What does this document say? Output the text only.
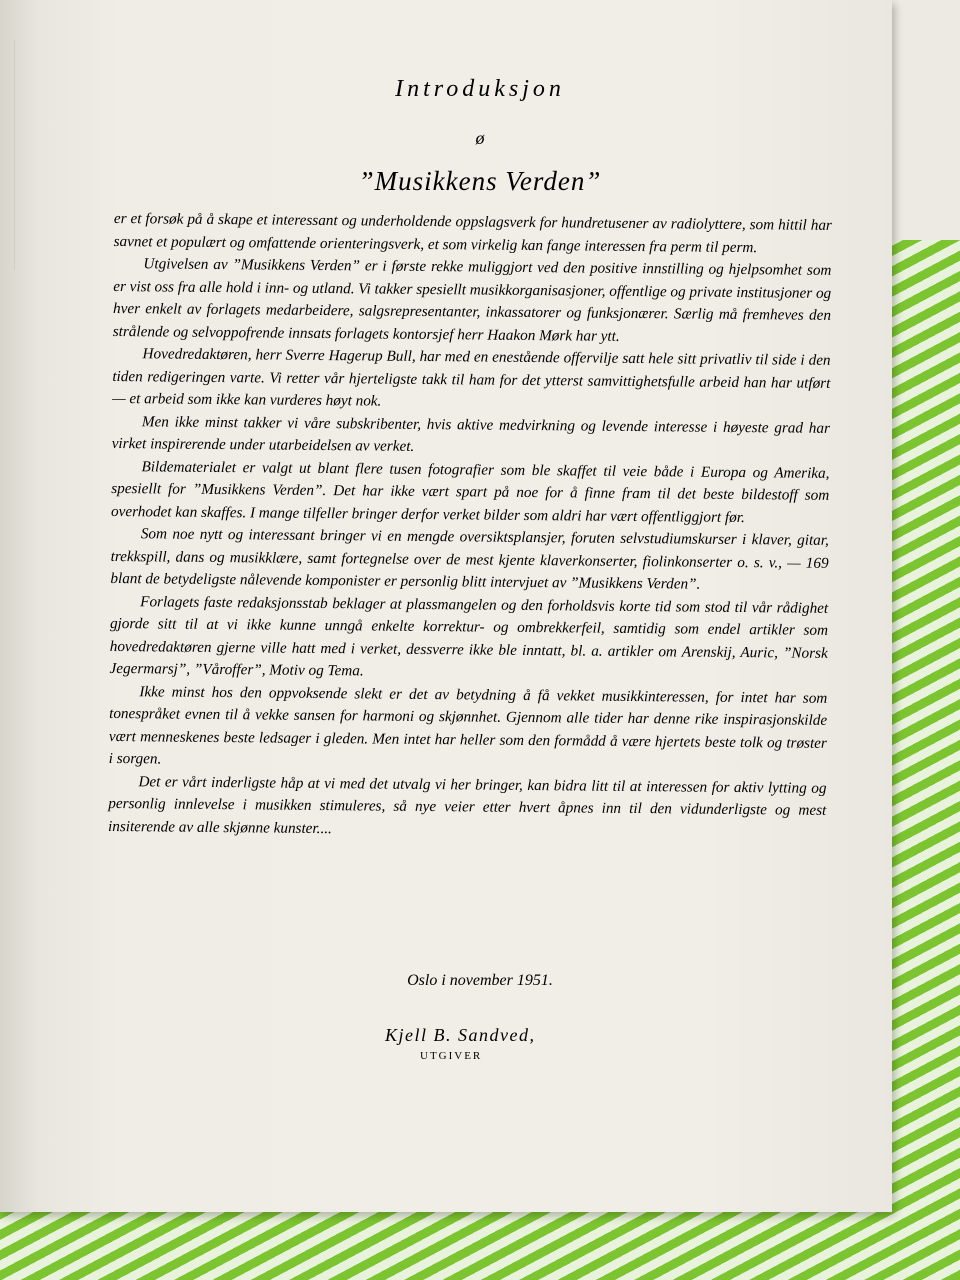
Introduksjon
ø
”Musikkens Verden”

er et forsøk på å skape et interessant og underholdende oppslagsverk for hundretusener av radiolyttere, som hittil har savnet et populært og omfattende orienteringsverk, et som virkelig kan fange interessen fra perm til perm.

Utgivelsen av ”Musikkens Verden” er i første rekke muliggjort ved den positive innstilling og hjelpsomhet som er vist oss fra alle hold i inn- og utland. Vi takker spesiellt musikkorganisasjoner, offentlige og private institusjoner og hver enkelt av forlagets medarbeidere, salgsrepresentanter, inkassatorer og funksjonærer. Særlig må fremheves den strålende og selvoppofrende innsats forlagets kontorsjef herr Haakon Mørk har ytt.

Hovedredaktøren, herr Sverre Hagerup Bull, har med en enestående offervilje satt hele sitt privatliv til side i den tiden redigeringen varte. Vi retter vår hjerteligste takk til ham for det ytterst samvittighetsfulle arbeid han har utført — et arbeid som ikke kan vurderes høyt nok.

Men ikke minst takker vi våre subskribenter, hvis aktive medvirkning og levende interesse i høyeste grad har virket inspirerende under utarbeidelsen av verket.

Bildematerialet er valgt ut blant flere tusen fotografier som ble skaffet til veie både i Europa og Amerika, spesiellt for ”Musikkens Verden”. Det har ikke vært spart på noe for å finne fram til det beste bildestoff som overhodet kan skaffes. I mange tilfeller bringer derfor verket bilder som aldri har vært offentliggjort før.

Som noe nytt og interessant bringer vi en mengde oversiktsplansjer, foruten selvstudiumskurser i klaver, gitar, trekkspill, dans og musikklære, samt fortegnelse over de mest kjente klaverkonserter, fiolinkonserter o. s. v., — 169 blant de betydeligste nålevende komponister er personlig blitt intervjuet av ”Musikkens Verden”.

Forlagets faste redaksjonsstab beklager at plassmangelen og den forholdsvis korte tid som stod til vår rådighet gjorde sitt til at vi ikke kunne unngå enkelte korrektur- og ombrekkerfeil, samtidig som endel artikler som hovedredaktøren gjerne ville hatt med i verket, dessverre ikke ble inntatt, bl. a. artikler om Arenskij, Auric, ”Norsk Jegermarsj”, ”Våroffer”, Motiv og Tema.

Ikke minst hos den oppvoksende slekt er det av betydning å få vekket musikkinteressen, for intet har som tonespråket evnen til å vekke sansen for harmoni og skjønnhet. Gjennom alle tider har denne rike inspirasjonskilde vært menneskenes beste ledsager i gleden. Men intet har heller som den formådd å være hjertets beste tolk og trøster i sorgen.

Det er vårt inderligste håp at vi med det utvalg vi her bringer, kan bidra litt til at interessen for aktiv lytting og personlig innlevelse i musikken stimuleres, så nye veier etter hvert åpnes inn til den vidunderligste og mest insiterende av alle skjønne kunster....

Oslo i november 1951.
Kjell B. Sandved,
UTGIVER
